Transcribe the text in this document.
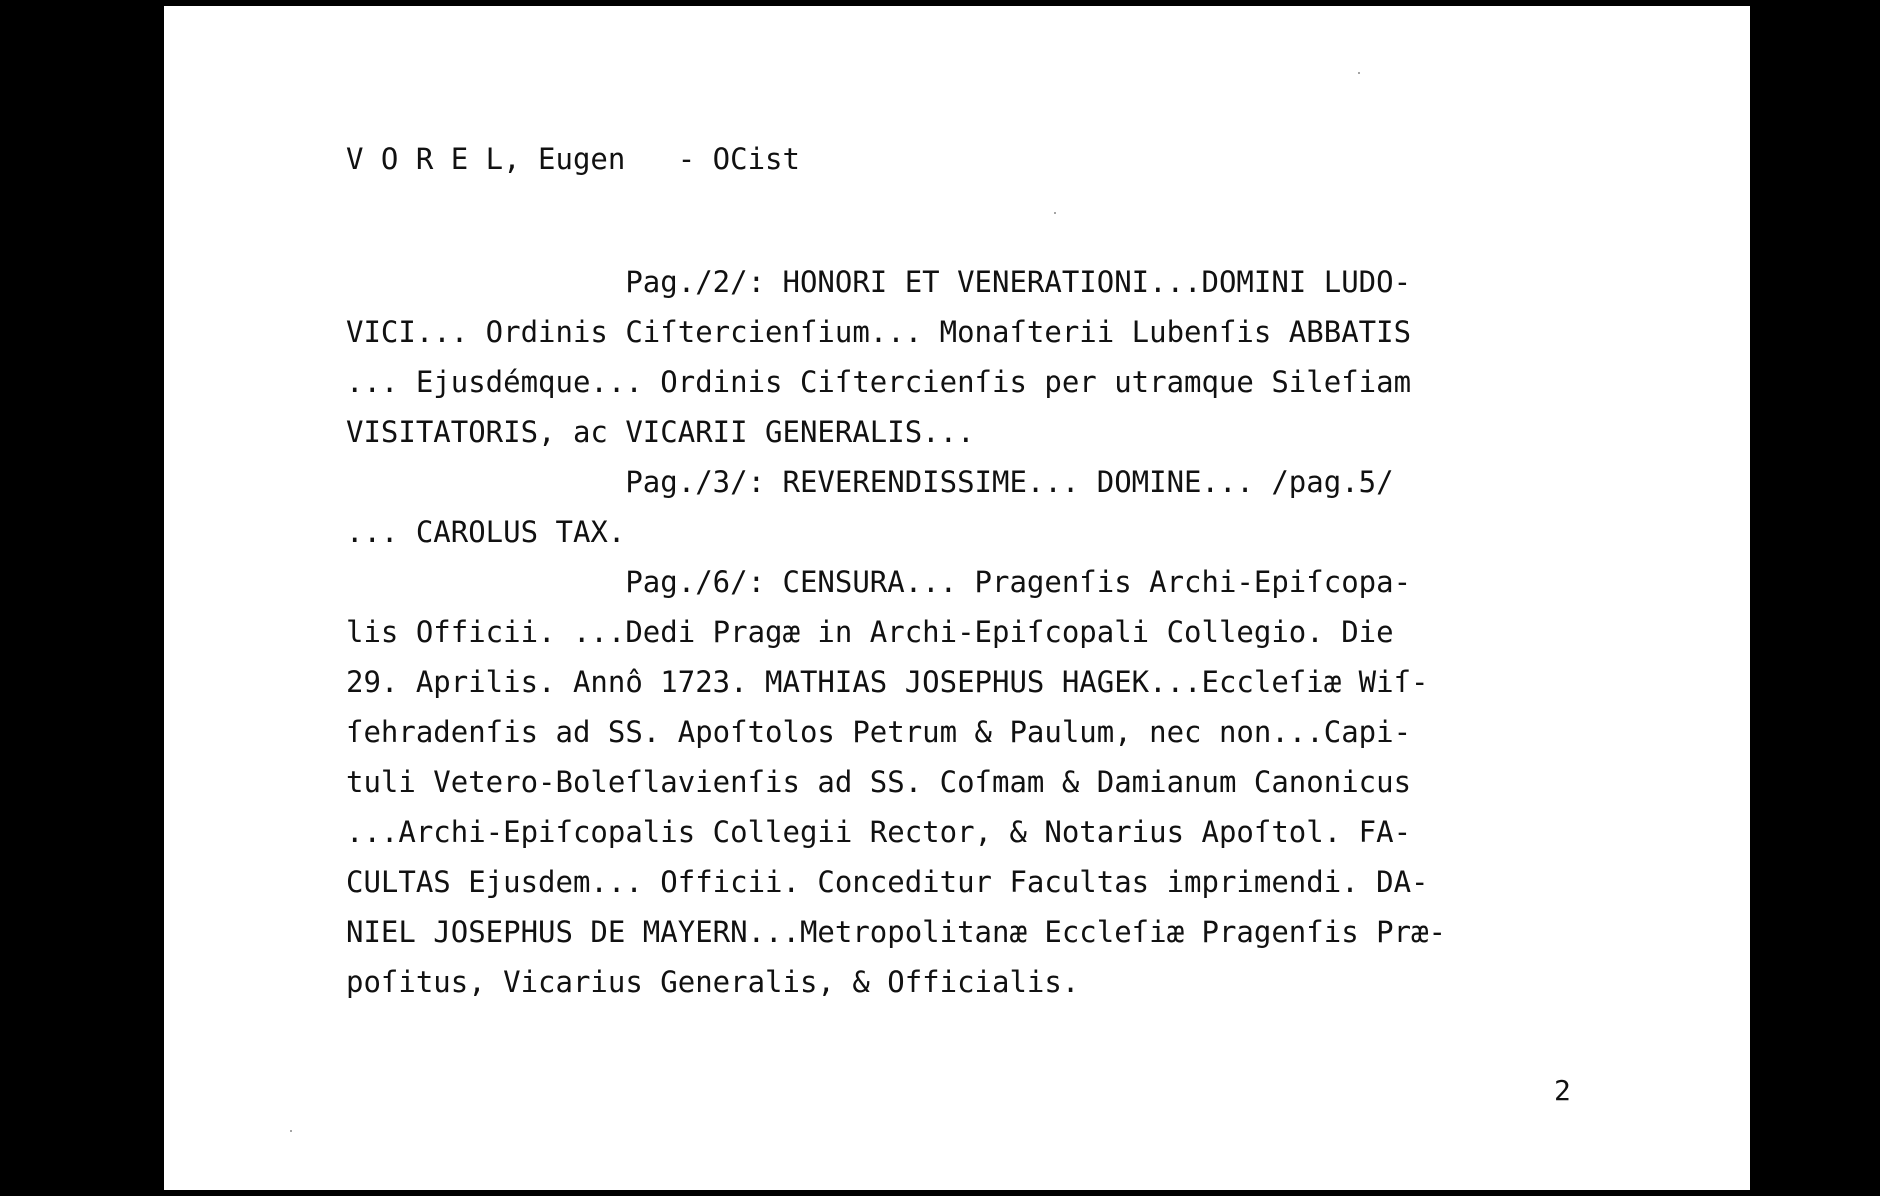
V O R E L, Eugen   - OCist
Pag./2/: HONORI ET VENERATIONI...DOMINI LUDO-
VICI... Ordinis Ciſtercienſium... Monaſterii Lubenſis ABBATIS
... Ejusdémque... Ordinis Ciſtercienſis per utramque Sileſiam
VISITATORIS, ac VICARII GENERALIS...
Pag./3/: REVERENDISSIME... DOMINE... /pag.5/
... CAROLUS TAX.
Pag./6/: CENSURA... Pragenſis Archi-Epiſcopa-
lis Officii. ...Dedi Pragæ in Archi-Epiſcopali Collegio. Die
29. Aprilis. Annô 1723. MATHIAS JOSEPHUS HAGEK...Eccleſiæ Wiſ-
ſehradenſis ad SS. Apoſtolos Petrum & Paulum, nec non...Capi-
tuli Vetero-Boleſlavienſis ad SS. Coſmam & Damianum Canonicus
...Archi-Epiſcopalis Collegii Rector, & Notarius Apoſtol. FA-
CULTAS Ejusdem... Officii. Conceditur Facultas imprimendi. DA-
NIEL JOSEPHUS DE MAYERN...Metropolitanæ Eccleſiæ Pragenſis Præ-
poſitus, Vicarius Generalis, & Officialis.
2
